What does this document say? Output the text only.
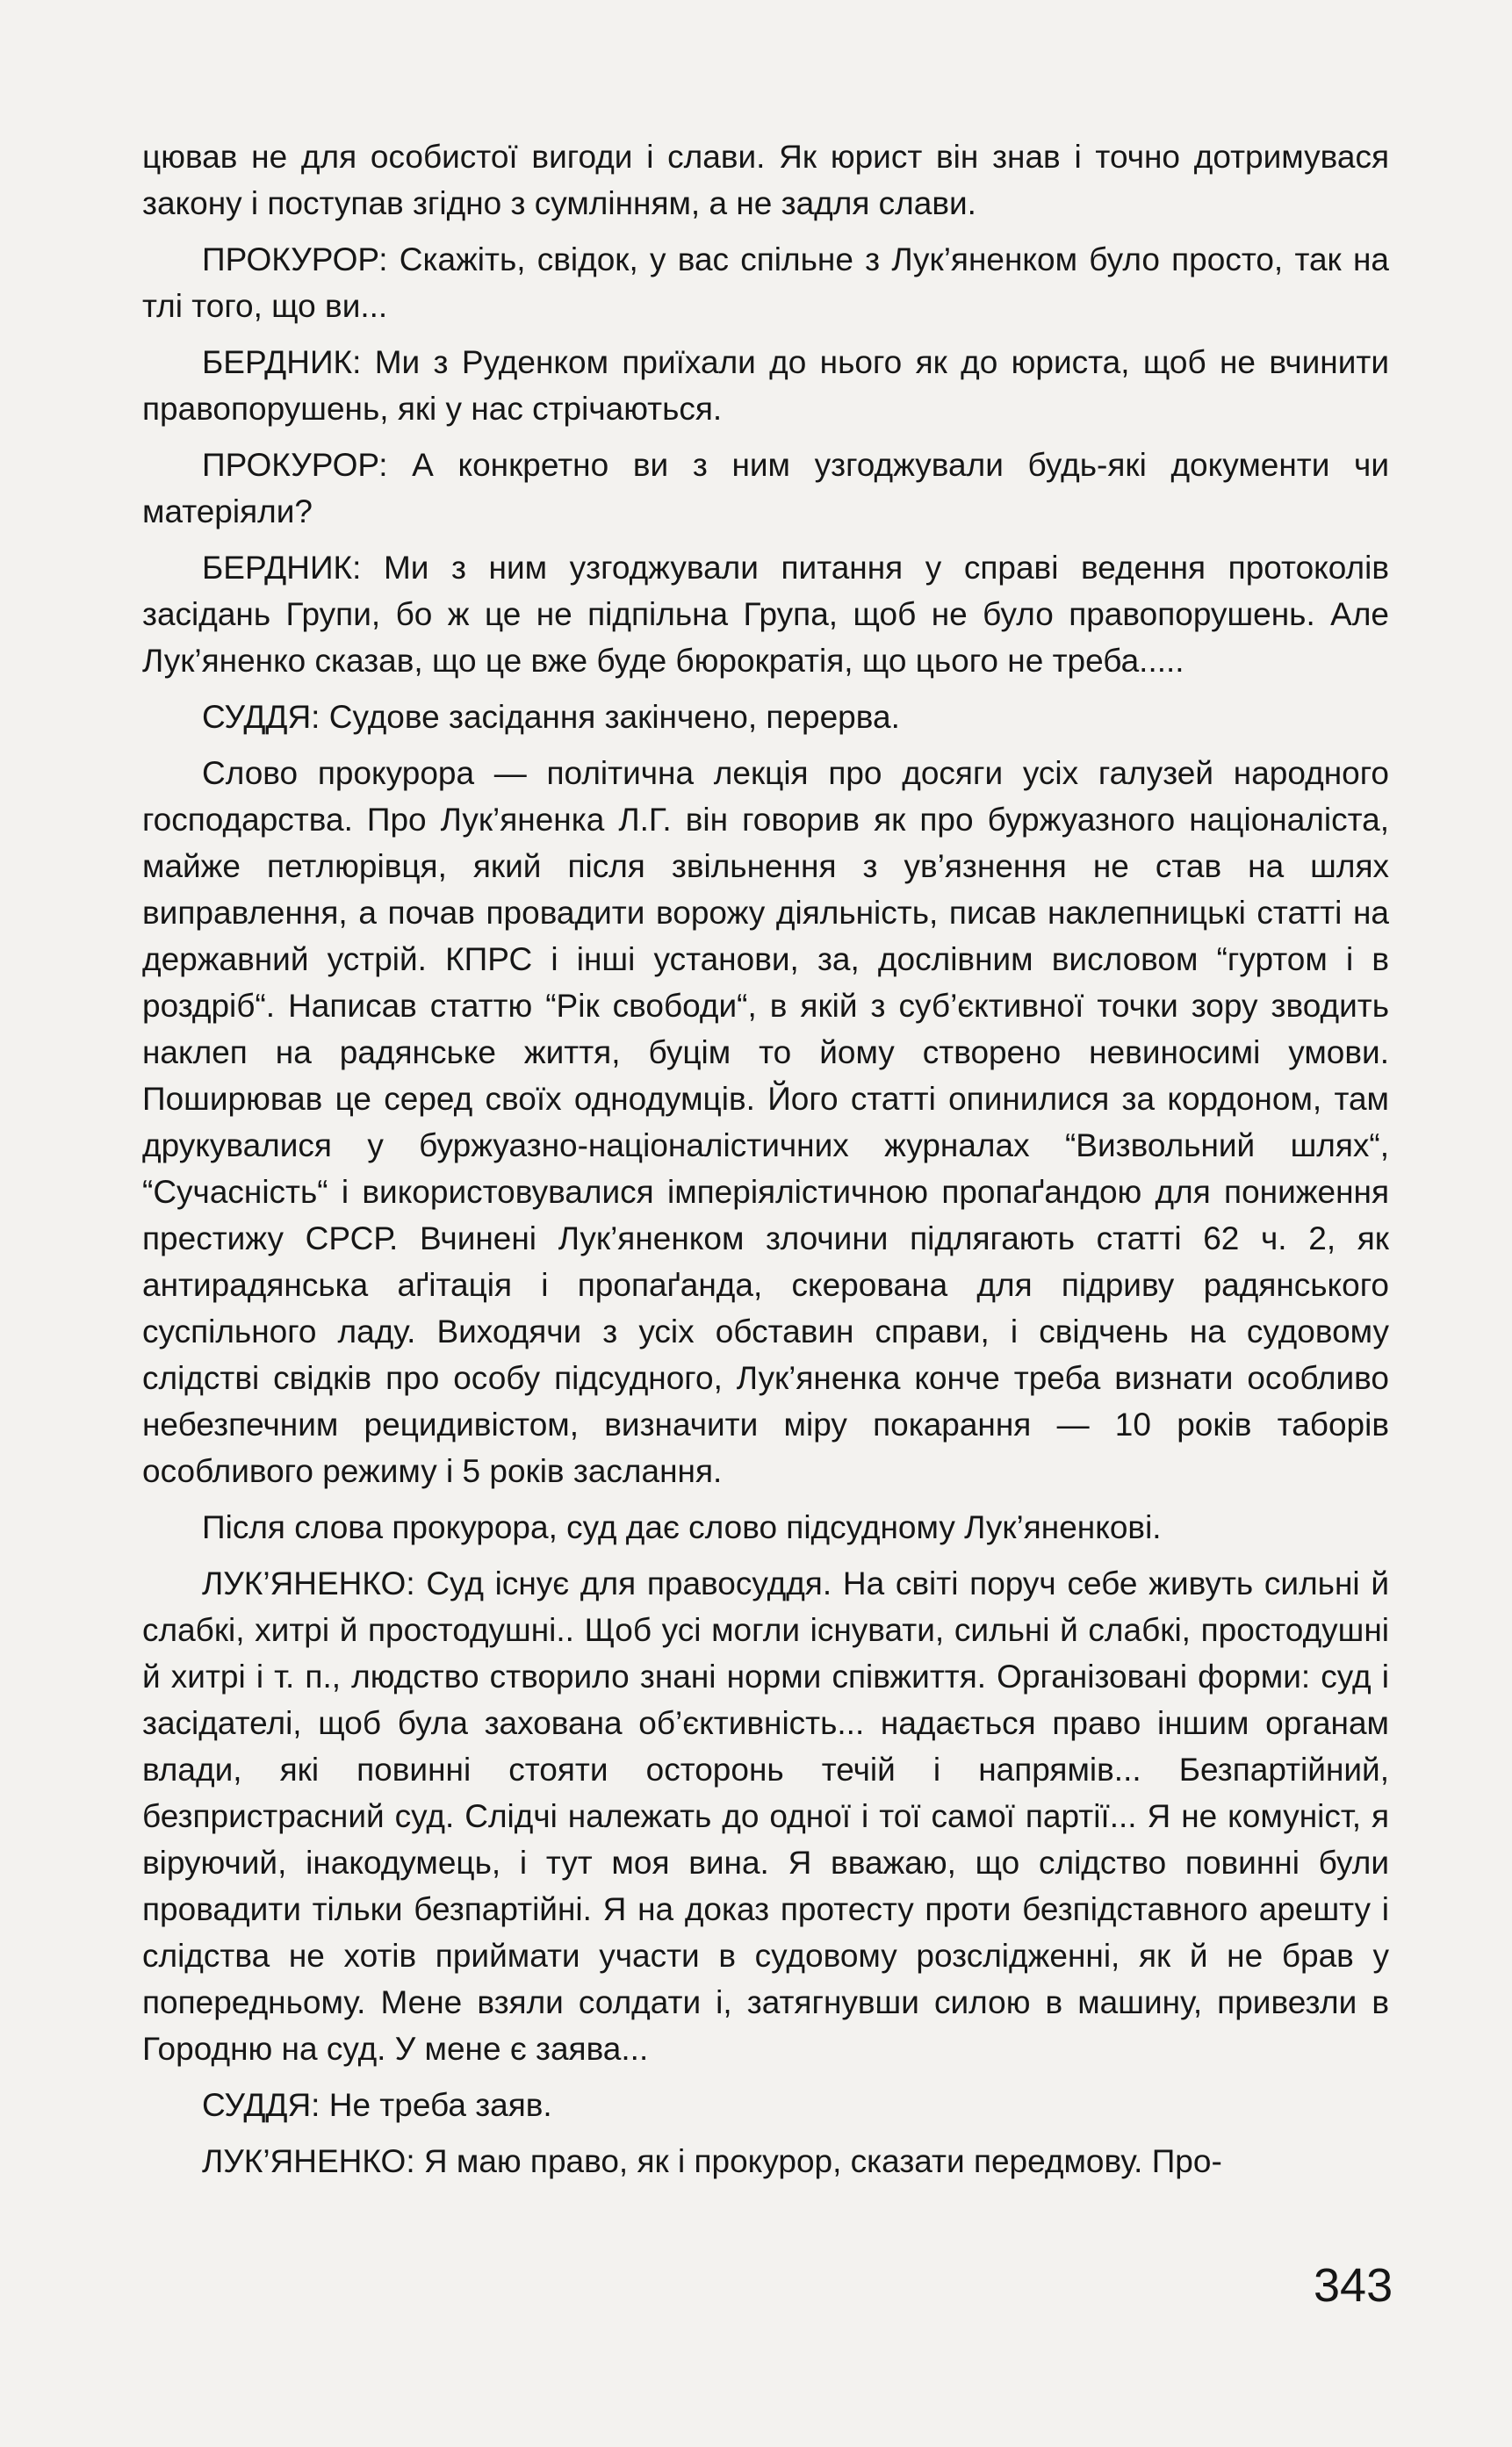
цював не для особистої вигоди і слави. Як юрист він знав і точно дотримувася закону і поступав згідно з сумлінням, а не задля слави.

ПРОКУРОР: Скажіть, свідок, у вас спільне з Лук’яненком було просто, так на тлі того, що ви...

БЕРДНИК: Ми з Руденком приїхали до нього як до юриста, щоб не вчинити правопорушень, які у нас стрічаються.

ПРОКУРОР: А конкретно ви з ним узгоджували будь-які документи чи матеріяли?

БЕРДНИК: Ми з ним узгоджували питання у справі ведення протоколів засідань Групи, бо ж це не підпільна Група, щоб не було правопорушень. Але Лук’яненко сказав, що це вже буде бюрократія, що цього не треба.....

СУДДЯ: Судове засідання закінчено, перерва.

Слово прокурора — політична лекція про досяги усіх галузей народного господарства. Про Лук’яненка Л.Г. він говорив як про буржуазного націоналіста, майже петлюрівця, який після звільнення з ув’язнення не став на шлях виправлення, а почав провадити ворожу діяльність, писав наклепницькі статті на державний устрій. КПРС і інші установи, за, дослівним висловом “гуртом і в роздріб“. Написав статтю “Рік свободи“, в якій з суб’єктивної точки зору зводить наклеп на радянське життя, буцім то йому створено невиносимі умови. Поширював це серед своїх однодумців. Його статті опинилися за кордоном, там друкувалися у буржуазно-націоналістичних журналах “Визвольний шлях“, “Сучасність“ і використовувалися імперіялістичною пропаґандою для пониження престижу СРСР. Вчинені Лук’яненком злочини підлягають статті 62 ч. 2, як антирадянська аґітація і пропаґанда, скерована для підриву радянського суспільного ладу. Виходячи з усіх обставин справи, і свідчень на судовому слідстві свідків про особу підсудного, Лук’яненка конче треба визнати особливо небезпечним рецидивістом, визначити міру покарання — 10 років таборів особливого режиму і 5 років заслання.

Після слова прокурора, суд дає слово підсудному Лук’яненкові.

ЛУК’ЯНЕНКО: Суд існує для правосуддя. На світі поруч себе живуть сильні й слабкі, хитрі й простодушні.. Щоб усі могли існувати, сильні й слабкі, простодушні й хитрі і т. п., людство створило знані норми співжиття. Організовані форми: суд і засідателі, щоб була захована об’єктивність... надається право іншим органам влади, які повинні стояти осторонь течій і напрямів... Безпартійний, безпристрасний суд. Слідчі належать до одної і тої самої партії... Я не комуніст, я віруючий, інакодумець, і тут моя вина. Я вважаю, що слідство повинні були провадити тільки безпартійні. Я на доказ протесту проти безпідставного арешту і слідства не хотів приймати участи в судовому розслідженні, як й не брав у попередньому. Мене взяли солдати і, затягнувши силою в машину, привезли в Городню на суд. У мене є заява...

СУДДЯ: Не треба заяв.

ЛУК’ЯНЕНКО: Я маю право, як і прокурор, сказати передмову. Про-

343
